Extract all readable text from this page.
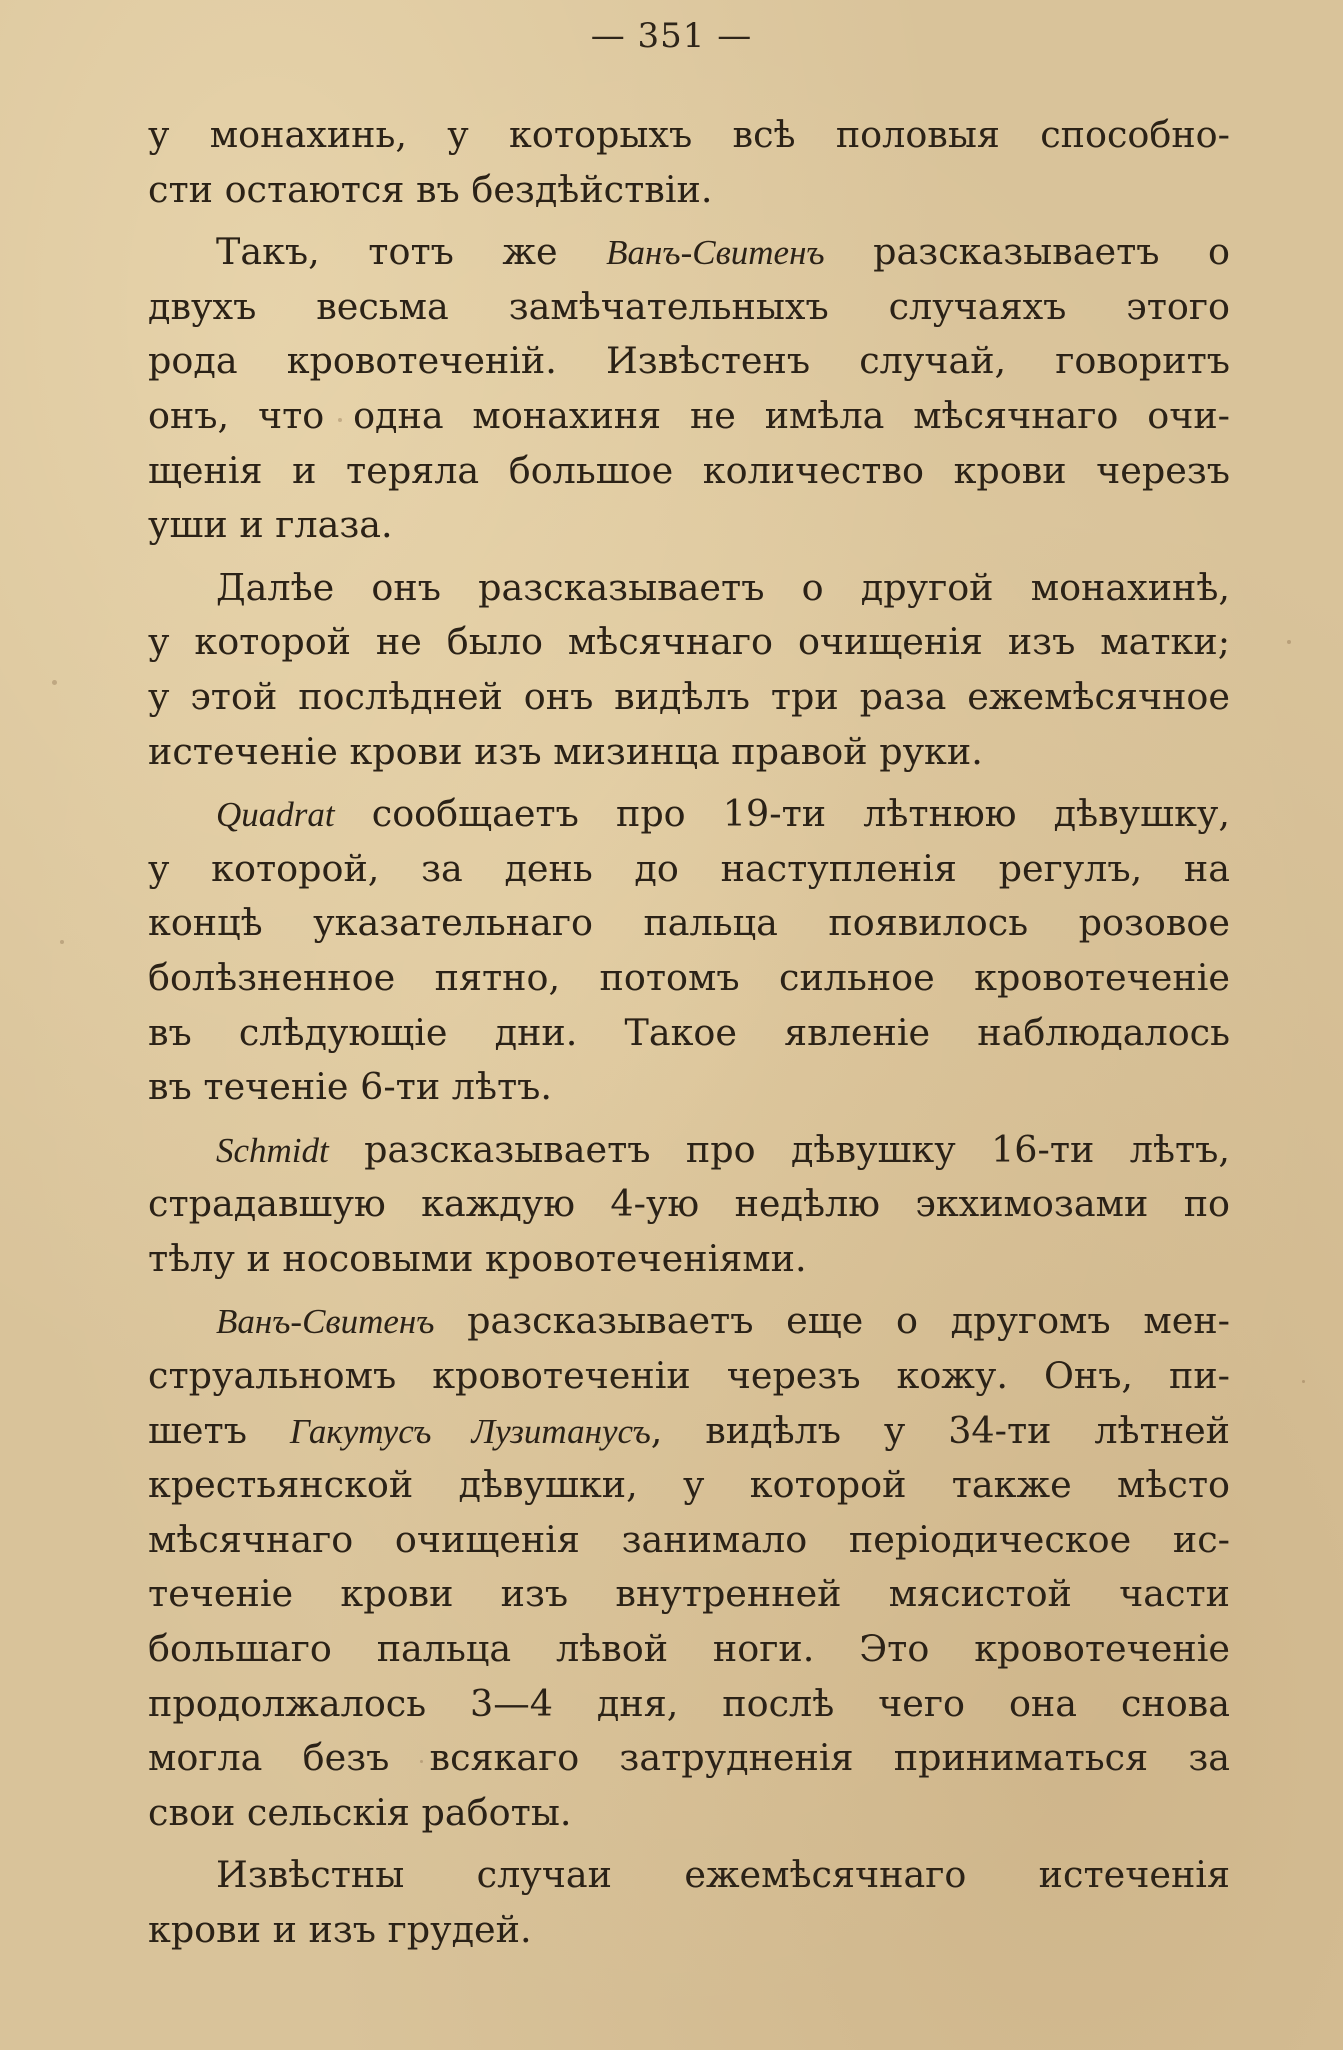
— 351 —
у монахинь, у которыхъ всѣ половыя способно-
сти остаются въ бездѣйствiи.
Такъ, тотъ же Ванъ-Свитенъ разсказываетъ о
двухъ весьма замѣчательныхъ случаяхъ этого
рода кровотеченiй. Извѣстенъ случай, говоритъ
онъ, что одна монахиня не имѣла мѣсячнаго очи-
щенiя и теряла большое количество крови черезъ
уши и глаза.
Далѣе онъ разсказываетъ о другой монахинѣ,
у которой не было мѣсячнаго очищенiя изъ матки;
у этой послѣдней онъ видѣлъ три раза ежемѣсячное
истеченiе крови изъ мизинца правой руки.
Quadrat сообщаетъ про 19-ти лѣтнюю дѣвушку,
у которой, за день до наступленiя регулъ, на
концѣ указательнаго пальца появилось розовое
болѣзненное пятно, потомъ сильное кровотеченiе
въ слѣдующiе дни. Такое явленiе наблюдалось
въ теченiе 6-ти лѣтъ.
Schmidt разсказываетъ про дѣвушку 16-ти лѣтъ,
страдавшую каждую 4-ую недѣлю экхимозами по
тѣлу и носовыми кровотеченiями.
Ванъ-Свитенъ разсказываетъ еще о другомъ мен-
струальномъ кровотеченiи черезъ кожу. Онъ, пи-
шетъ Гакутусъ Лузитанусъ, видѣлъ у 34-ти лѣтней
крестьянской дѣвушки, у которой также мѣсто
мѣсячнаго очищенiя занимало перiодическое ис-
теченiе крови изъ внутренней мясистой части
большаго пальца лѣвой ноги. Это кровотеченiе
продолжалось 3—4 дня, послѣ чего она снова
могла безъ всякаго затрудненiя приниматься за
свои сельскiя работы.
Извѣстны случаи ежемѣсячнаго истеченiя
крови и изъ грудей.
